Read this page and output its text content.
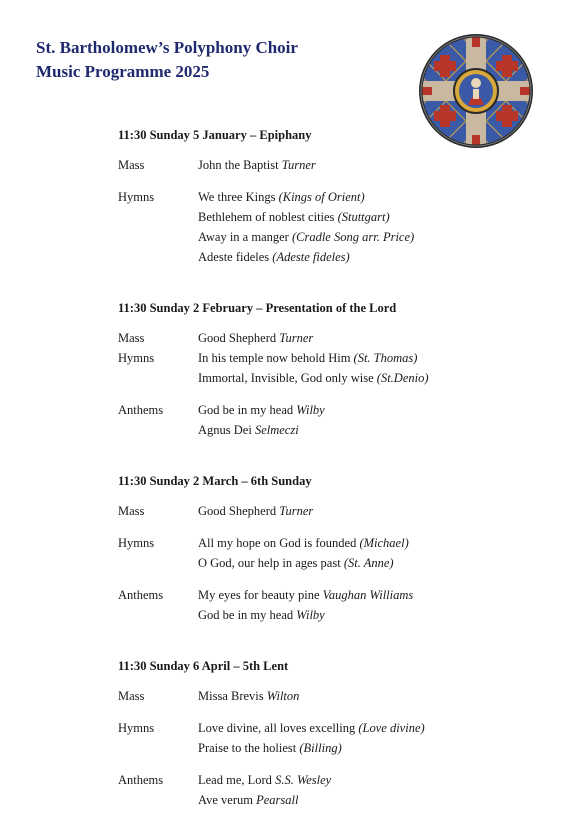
St. Bartholomew’s Polyphony Choir
Music Programme 2025
11:30 Sunday 5 January – Epiphany
Mass	John the Baptist Turner
Hymns	We three Kings (Kings of Orient)
Bethlehem of noblest cities (Stuttgart)
Away in a manger (Cradle Song arr. Price)
Adeste fideles (Adeste fideles)
11:30 Sunday 2 February – Presentation of the Lord
Mass	Good Shepherd Turner
Hymns	In his temple now behold Him (St. Thomas)
Immortal, Invisible, God only wise (St.Denio)
Anthems	God be in my head Wilby
Agnus Dei Selmeczi
11:30 Sunday 2 March – 6th Sunday
Mass	Good Shepherd Turner
Hymns	All my hope on God is founded (Michael)
O God, our help in ages past (St. Anne)
Anthems	My eyes for beauty pine Vaughan Williams
God be in my head Wilby
11:30 Sunday 6 April – 5th Lent
Mass	Missa Brevis Wilton
Hymns	Love divine, all loves excelling (Love divine)
Praise to the holiest (Billing)
Anthems	Lead me, Lord S.S. Wesley
Ave verum Pearsall
